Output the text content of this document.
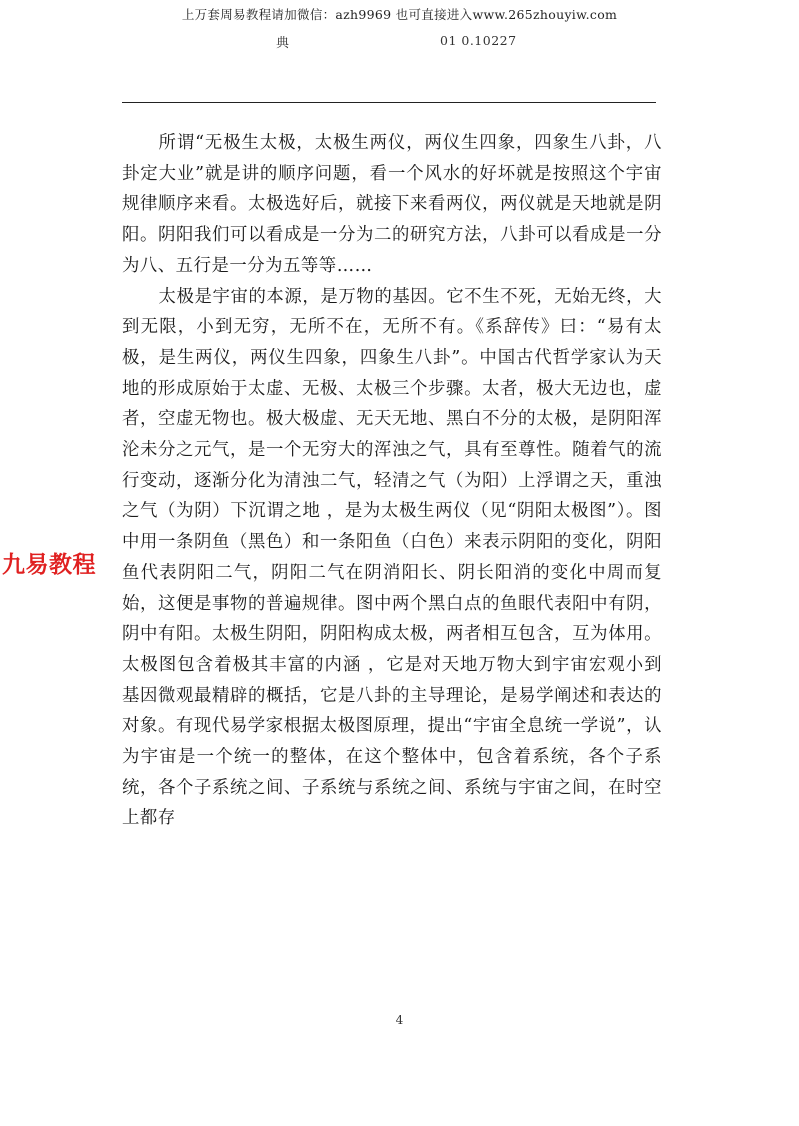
上万套周易教程请加微信：azh9969 也可直接进入www.265zhouyiw.com
典	01 0.10227

所谓“无极生太极，太极生两仪，两仪生四象，四象生八卦，八卦定大业”就是讲的顺序问题，看一个风水的好坏就是按照这个宇宙规律顺序来看。太极选好后，就接下来看两仪，两仪就是天地就是阴阳。阴阳我们可以看成是一分为二的研究方法，八卦可以看成是一分为八、五行是一分为五等等……

太极是宇宙的本源，是万物的基因。它不生不死，无始无终，大到无限，小到无穷，无所不在，无所不有。《系辞传》曰：“易有太极，是生两仪，两仪生四象，四象生八卦”。中国古代哲学家认为天地的形成原始于太虚、无极、太极三个步骤。太者，极大无边也，虚者，空虚无物也。极大极虚、无天无地、黑白不分的太极，是阴阳浑沦未分之元气，是一个无穷大的浑浊之气，具有至尊性。随着气的流行变动，逐渐分化为清浊二气，轻清之气（为阳）上浮谓之天，重浊之气（为阴）下沉谓之地 ，是为太极生两仪（见“阴阳太极图”）。图中用一条阴鱼（黑色）和一条阳鱼（白色）来表示阴阳的变化，阴阳鱼代表阴阳二气，阴阳二气在阴消阳长、阴长阳消的变化中周而复始，这便是事物的普遍规律。图中两个黑白点的鱼眼代表阳中有阴，阴中有阳。太极生阴阳，阴阳构成太极，两者相互包含，互为体用。太极图包含着极其丰富的内涵 ，它是对天地万物大到宇宙宏观小到基因微观最精辟的概括，它是八卦的主导理论，是易学阐述和表达的对象。有现代易学家根据太极图原理，提出“宇宙全息统一学说”，认为宇宙是一个统一的整体，在这个整体中，包含着系统，各个子系统，各个子系统之间、子系统与系统之间、系统与宇宙之间，在时空上都存

九易教程
4
